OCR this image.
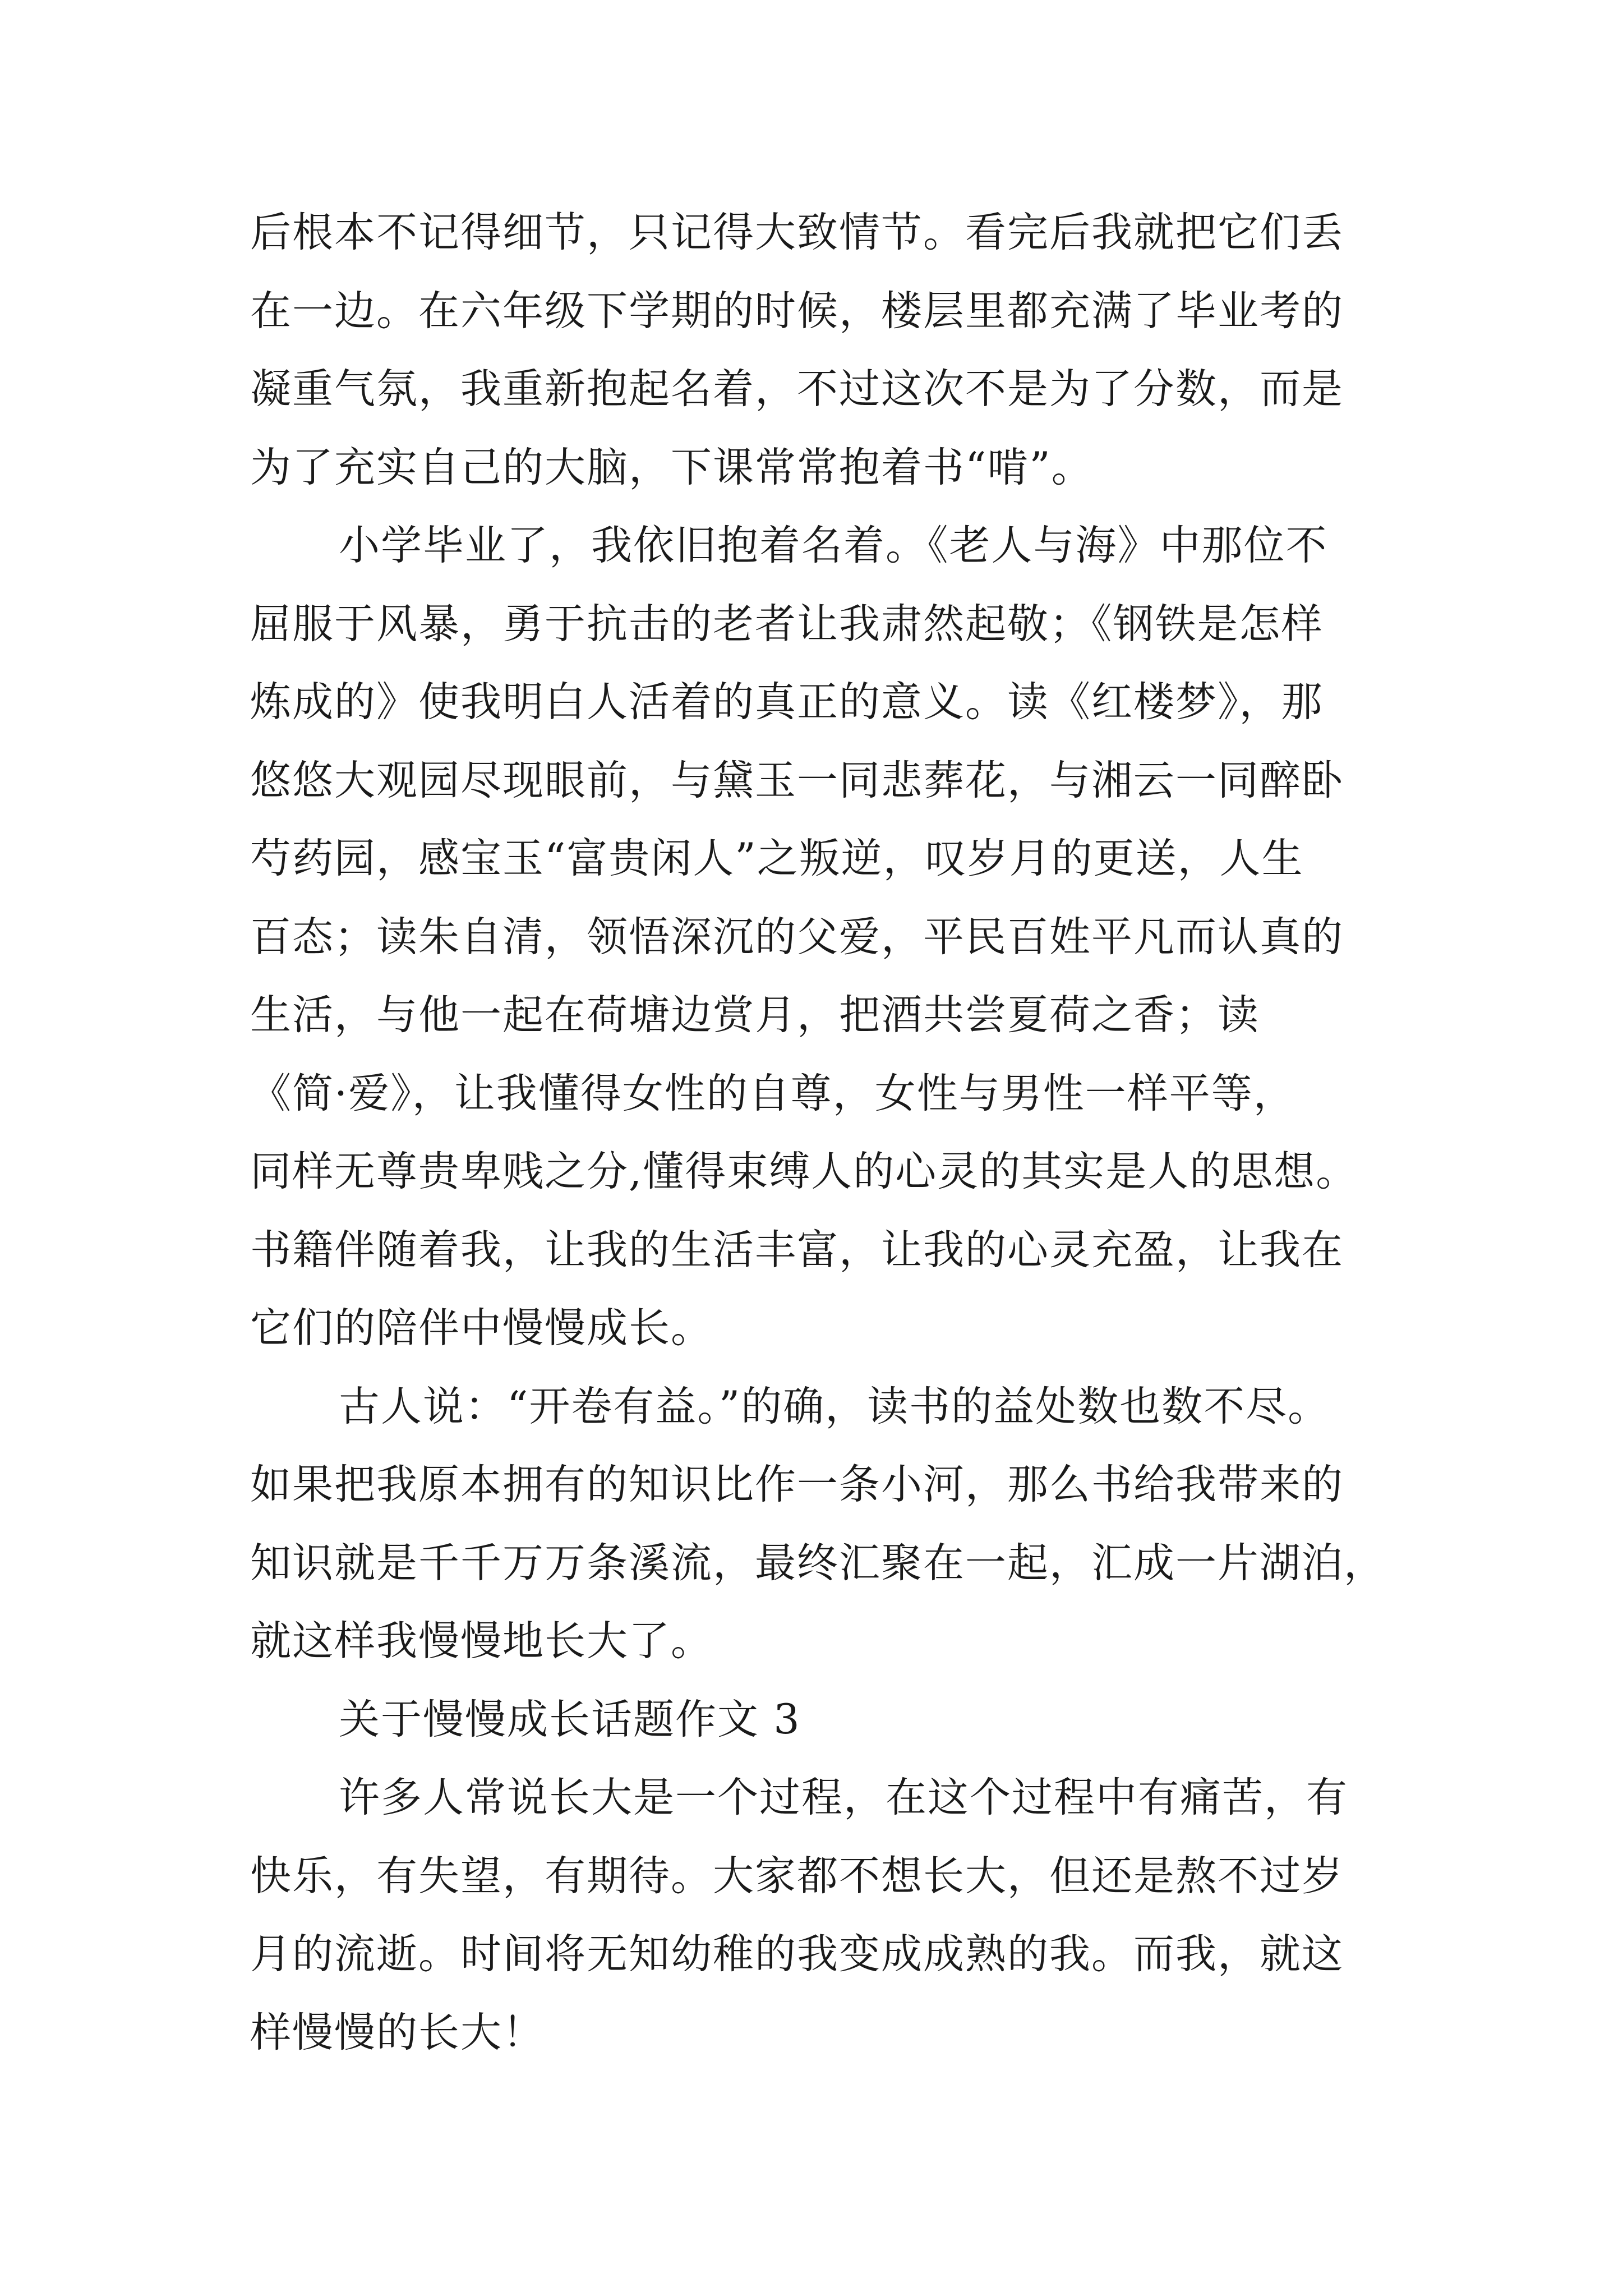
后根本不记得细节，只记得大致情节。看完后我就把它们丢
在一边。在六年级下学期的时候，楼层里都充满了毕业考的
凝重气氛，我重新抱起名着，不过这次不是为了分数，而是
为了充实自己的大脑，下课常常抱着书“啃”。
小学毕业了，我依旧抱着名着。《老人与海》中那位不
屈服于风暴，勇于抗击的老者让我肃然起敬；《钢铁是怎样
炼成的》使我明白人活着的真正的意义。读《红楼梦》，那
悠悠大观园尽现眼前，与黛玉一同悲葬花，与湘云一同醉卧
芍药园，感宝玉“富贵闲人”之叛逆，叹岁月的更送，人生
百态；读朱自清，领悟深沉的父爱，平民百姓平凡而认真的
生活，与他一起在荷塘边赏月，把酒共尝夏荷之香；读
《简·爱》，让我懂得女性的自尊，女性与男性一样平等，
同样无尊贵卑贱之分,懂得束缚人的心灵的其实是人的思想。
书籍伴随着我，让我的生活丰富，让我的心灵充盈，让我在
它们的陪伴中慢慢成长。
古人说：“开卷有益。”的确，读书的益处数也数不尽。
如果把我原本拥有的知识比作一条小河，那么书给我带来的
知识就是千千万万条溪流，最终汇聚在一起，汇成一片湖泊，
就这样我慢慢地长大了。
关于慢慢成长话题作文 3
许多人常说长大是一个过程，在这个过程中有痛苦，有
快乐，有失望，有期待。大家都不想长大，但还是熬不过岁
月的流逝。时间将无知幼稚的我变成成熟的我。而我，就这
样慢慢的长大！
